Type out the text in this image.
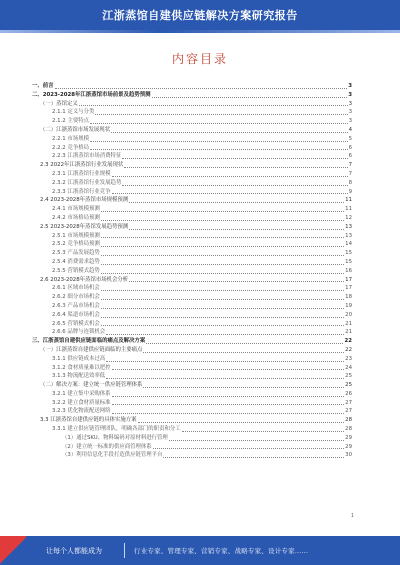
江浙蒸馆自建供应链解决方案研究报告
内容目录
一、前言	3
二、2023-2028年江浙蒸馆市场前景及趋势预测	3
（一）蒸馆定义	3
2.1.1 定义与分类	3
2.1.2 主要特点	3
（二）江浙蒸馆市场发展现状	4
2.2.1 市场规模	5
2.2.2 竞争格局	6
2.2.3 江浙蒸馆市场消费特征	6
2.3 2022年江浙蒸馆行业发展现状	7
2.3.1 江浙蒸馆行业规模	7
2.3.2 江浙蒸馆行业发展趋势	8
2.3.3 江浙蒸馆行业竞争	9
2.4 2023-2028年蒸馆市场规模预测	11
2.4.1 市场规模预测	11
2.4.2 市场格局预测	12
2.5 2023-2028年蒸馆发展趋势预测	13
2.5.1 市场规模预测	13
2.5.2 竞争格局预测	14
2.5.3 产品发展趋势	15
2.5.4 消费需求趋势	15
2.5.5 营销模式趋势	16
2.6 2023-2028年蒸馆市场机会分析	17
2.6.1 区域市场机会	17
2.6.2 细分市场机会	18
2.6.3 产品市场机会	19
2.6.4 渠道市场机会	20
2.6.5 营销模式机会	21
2.6.6 品牌与连锁机会	21
三、江浙蒸馆自建供应链面临的痛点及解决方案	22
（一）江浙蒸馆自建供应链面临的主要痛点	22
3.1.1 供应链成本过高	23
3.1.2 食材质量难以把控	24
3.1.3 物流配送效率低	25
（二）解决方案：建立统一供应链管理体系	25
3.2.1 建立集中采购体系	26
3.2.2 建立食材质量标准	27
3.2.3 优化物流配送网络	27
3.3 江浙蒸馆自建供应链的具体实施方案	28
3.3.1 建立供应链管理团队，明确各部门的职责和分工	28
（1）通过SKU、物料编码对原材料进行管理	29
（2）建立统一标准的供应商管理体系	29
（3）利用信息化手段打造供应链管理平台	30
1
让每个人都能成为	行业专家、管理专家、营销专家、战略专家、设计专家……
